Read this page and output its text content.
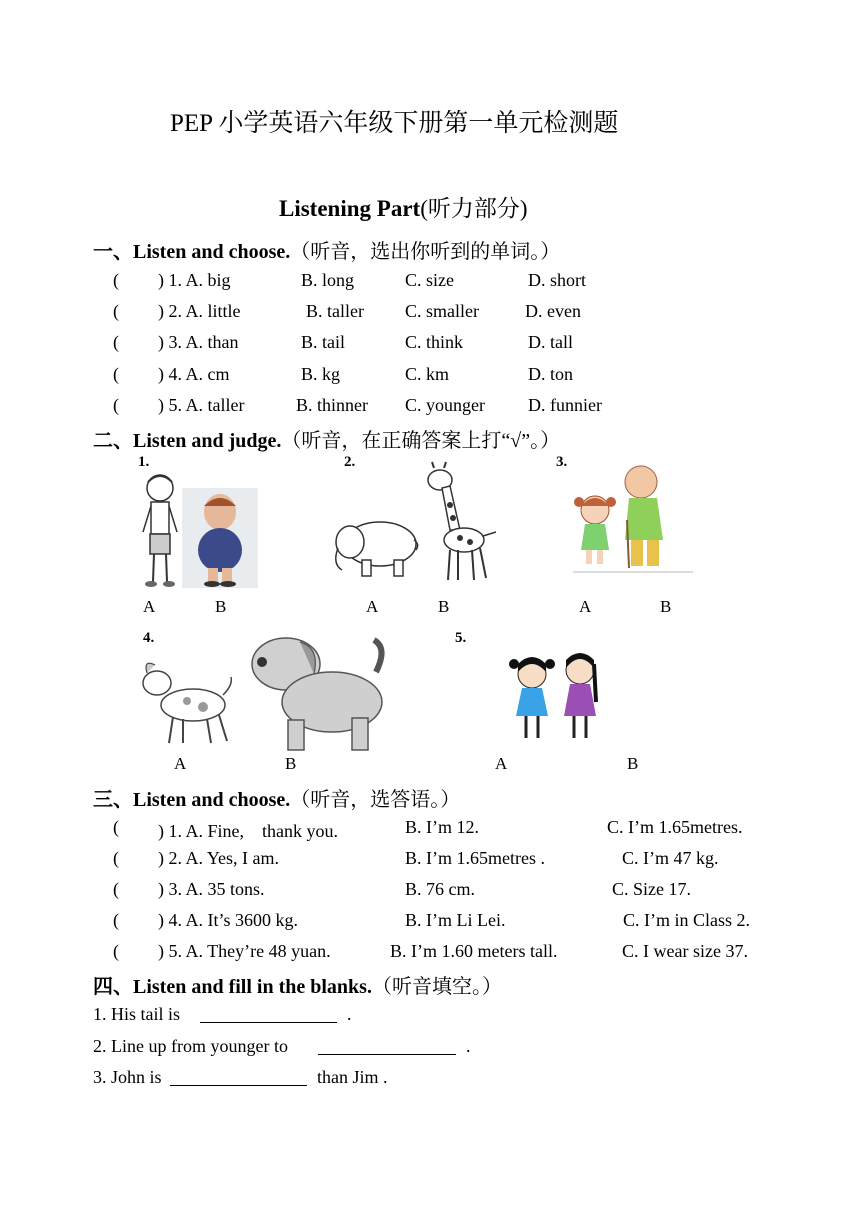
PEP 小学英语六年级下册第一单元检测题
Listening Part(听力部分)
一、Listen and choose.（听音，选出你听到的单词。）
( ) 1. A. big	B. long	C. size	D. short
( ) 2. A. little	B. taller C. smaller	D. even
( ) 3. A. than	B. tail	C. think	D. tall
( ) 4. A. cm	B. kg	C. km	D. ton
( ) 5. A. taller	B. thinner C. younger D. funnier
二、Listen and judge.（听音，在正确答案上打“√”。）
1.	2.	3.
A	B	A	B	A	B
4.	5.
A	B	A	B
三、Listen and choose.（听音，选答语。）
( ) 1. A. Fine,　thank you.	B. I’m 12.	C. I’m 1.65metres.
( ) 2. A. Yes, I am.	B. I’m 1.65metres .	C. I’m 47 kg.
( ) 3. A. 35 tons.	B. 76 cm.	C. Size 17.
( ) 4. A. It’s 3600 kg.	B. I’m Li Lei.	C. I’m in Class 2.
( ) 5. A. They’re 48 yuan.	B. I’m 1.60 meters tall.	C. I wear size 37.
四、Listen and fill in the blanks.（听音填空。）
1. His tail is	.
2. Line up from younger to	.
3. John is	than Jim .
